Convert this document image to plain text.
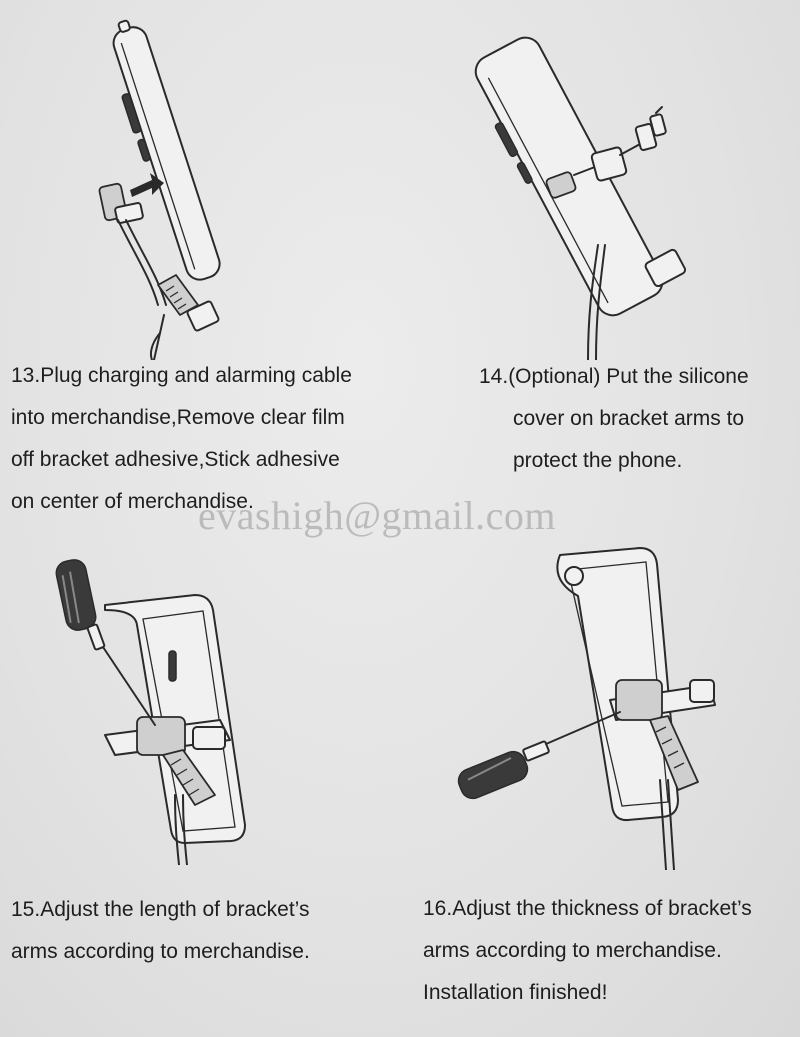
13.Plug charging and alarming cable
into merchandise,Remove clear film
off bracket adhesive,Stick adhesive
on center of merchandise.
14.(Optional) Put the silicone
cover on bracket arms to
protect the phone.
evashigh@gmail.com
15.Adjust the length of bracket’s
arms according to merchandise.
16.Adjust the thickness of bracket’s
arms according to merchandise.
Installation finished!
